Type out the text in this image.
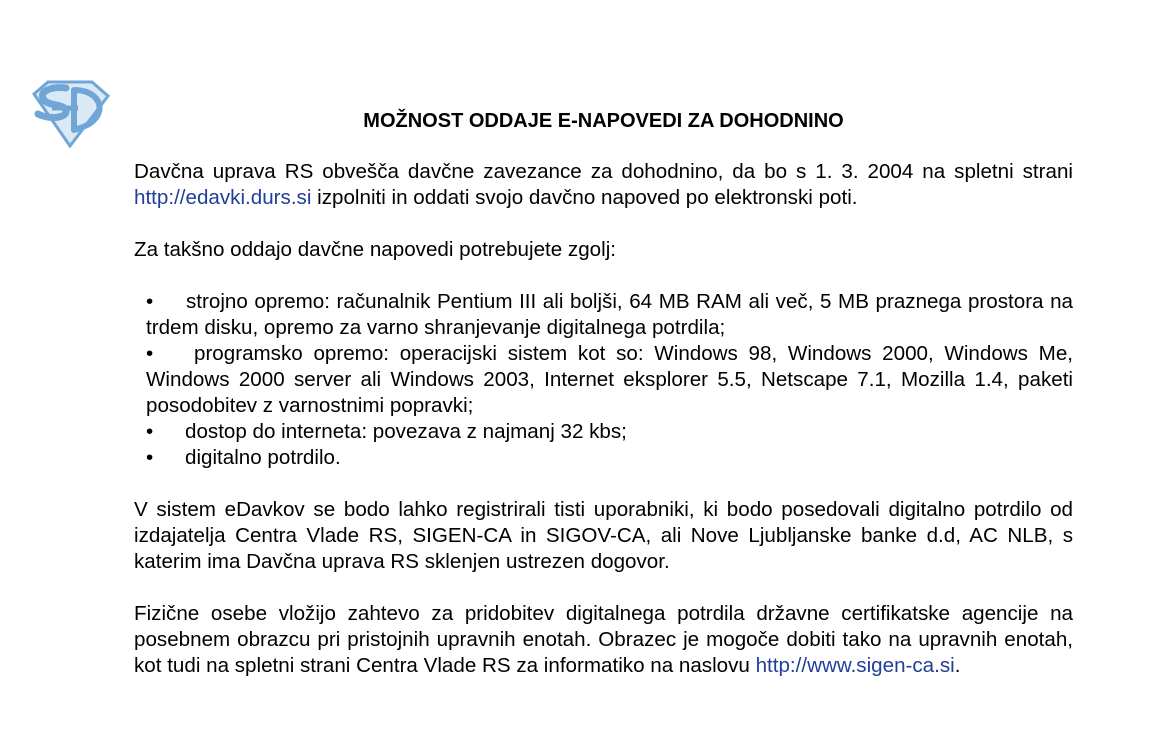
MOŽNOST ODDAJE E-NAPOVEDI ZA DOHODNINO

Davčna uprava RS obvešča davčne zavezance za dohodnino, da bo s 1. 3. 2004 na spletni strani http://edavki.durs.si izpolniti in oddati svojo davčno napoved po elektronski poti.

Za takšno oddajo davčne napovedi potrebujete zgolj:

• strojno opremo: računalnik Pentium III ali boljši, 64 MB RAM ali več, 5 MB praznega prostora na trdem disku, opremo za varno shranjevanje digitalnega potrdila;
• programsko opremo: operacijski sistem kot so: Windows 98, Windows 2000, Windows Me, Windows 2000 server ali Windows 2003, Internet eksplorer 5.5, Netscape 7.1, Mozilla 1.4, paketi posodobitev z varnostnimi popravki;
• dostop do interneta: povezava z najmanj 32 kbs;
• digitalno potrdilo.

V sistem eDavkov se bodo lahko registrirali tisti uporabniki, ki bodo posedovali digitalno potrdilo od izdajatelja Centra Vlade RS, SIGEN-CA in SIGOV-CA, ali Nove Ljubljanske banke d.d, AC NLB, s katerim ima Davčna uprava RS sklenjen ustrezen dogovor.

Fizične osebe vložijo zahtevo za pridobitev digitalnega potrdila državne certifikatske agencije na posebnem obrazcu pri pristojnih upravnih enotah. Obrazec je mogoče dobiti tako na upravnih enotah, kot tudi na spletni strani Centra Vlade RS za informatiko na naslovu http://www.sigen-ca.si.
